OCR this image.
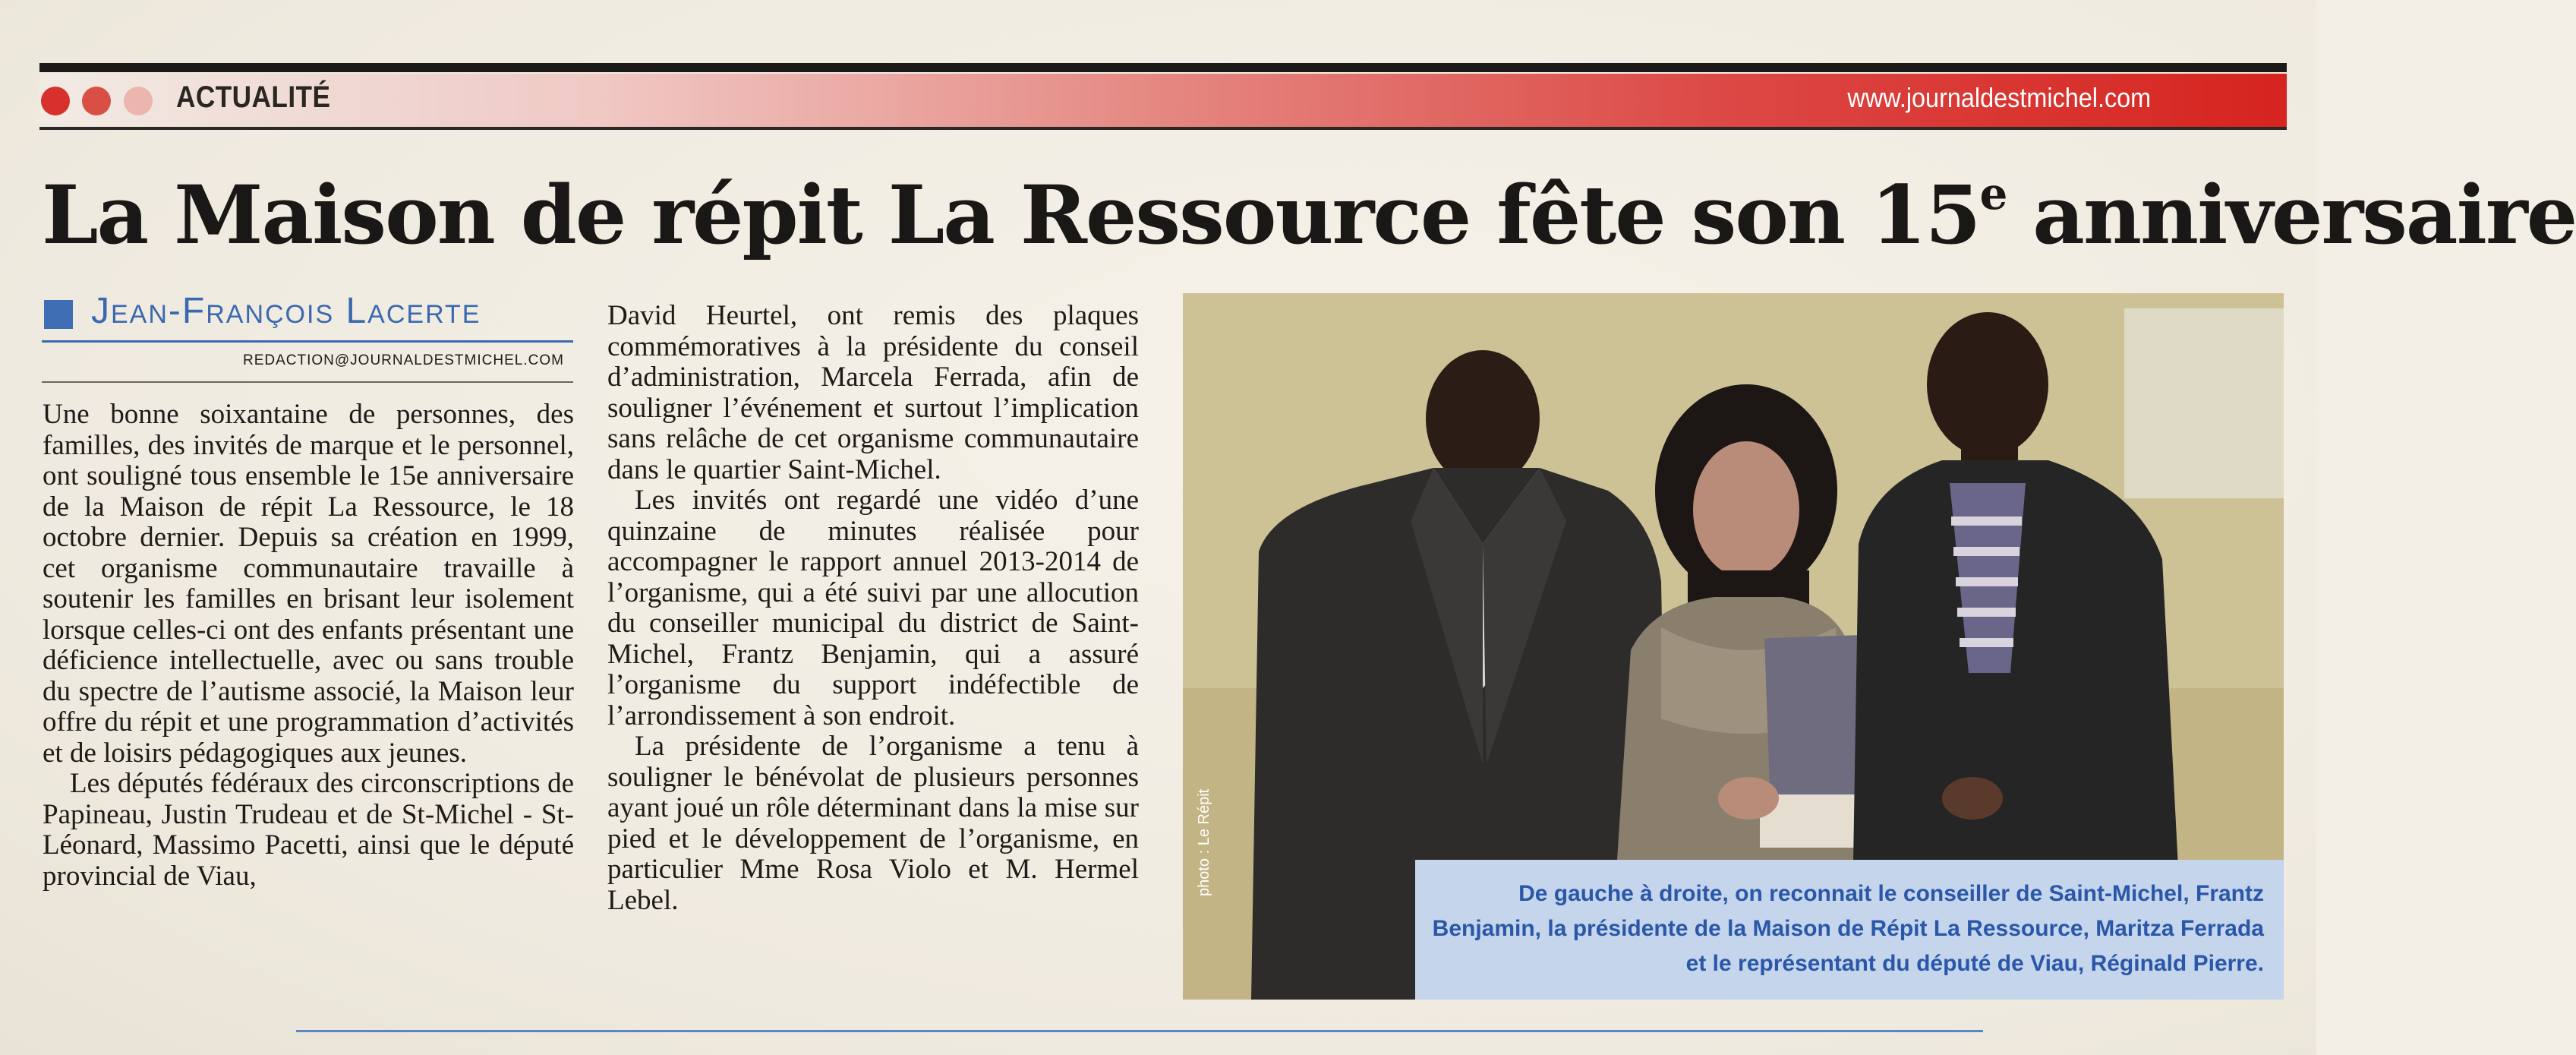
ACTUALITÉ	www.journaldestmichel.com
La Maison de répit La Ressource fête son 15e anniversaire
Jean-François Lacerte
REDACTION@JOURNALDESTMICHEL.COM

Une bonne soixantaine de personnes, des familles, des invités de marque et le personnel, ont souligné tous ensemble le 15e anniversaire de la Maison de répit La Ressource, le 18 octobre dernier. Depuis sa création en 1999, cet organisme communautaire travaille à soutenir les familles en brisant leur isolement lorsque celles-ci ont des enfants présentant une déficience intellectuelle, avec ou sans trouble du spectre de l’autisme associé, la Maison leur offre du répit et une programmation d’activités et de loisirs pédagogiques aux jeunes.

Les députés fédéraux des circonscriptions de Papineau, Justin Trudeau et de St-Michel - St-Léonard, Massimo Pacetti, ainsi que le député provincial de Viau,

David Heurtel, ont remis des plaques commémoratives à la présidente du conseil d’administration, Marcela Ferrada, afin de souligner l’événement et surtout l’implication sans relâche de cet organisme communautaire dans le quartier Saint-Michel.

Les invités ont regardé une vidéo d’une quinzaine de minutes réalisée pour accompagner le rapport annuel 2013-2014 de l’organisme, qui a été suivi par une allocution du conseiller municipal du district de Saint-Michel, Frantz Benjamin, qui a assuré l’organisme du support indéfectible de l’arrondissement à son endroit.

La présidente de l’organisme a tenu à souligner le bénévolat de plusieurs personnes ayant joué un rôle déterminant dans la mise sur pied et le développement de l’organisme, en particulier Mme Rosa Violo et M. Hermel Lebel.

photo : Le Répit	De gauche à droite, on reconnait le conseiller de Saint-Michel, Frantz Benjamin, la présidente de la Maison de Répit La Ressource, Maritza Ferrada et le représentant du député de Viau, Réginald Pierre.
